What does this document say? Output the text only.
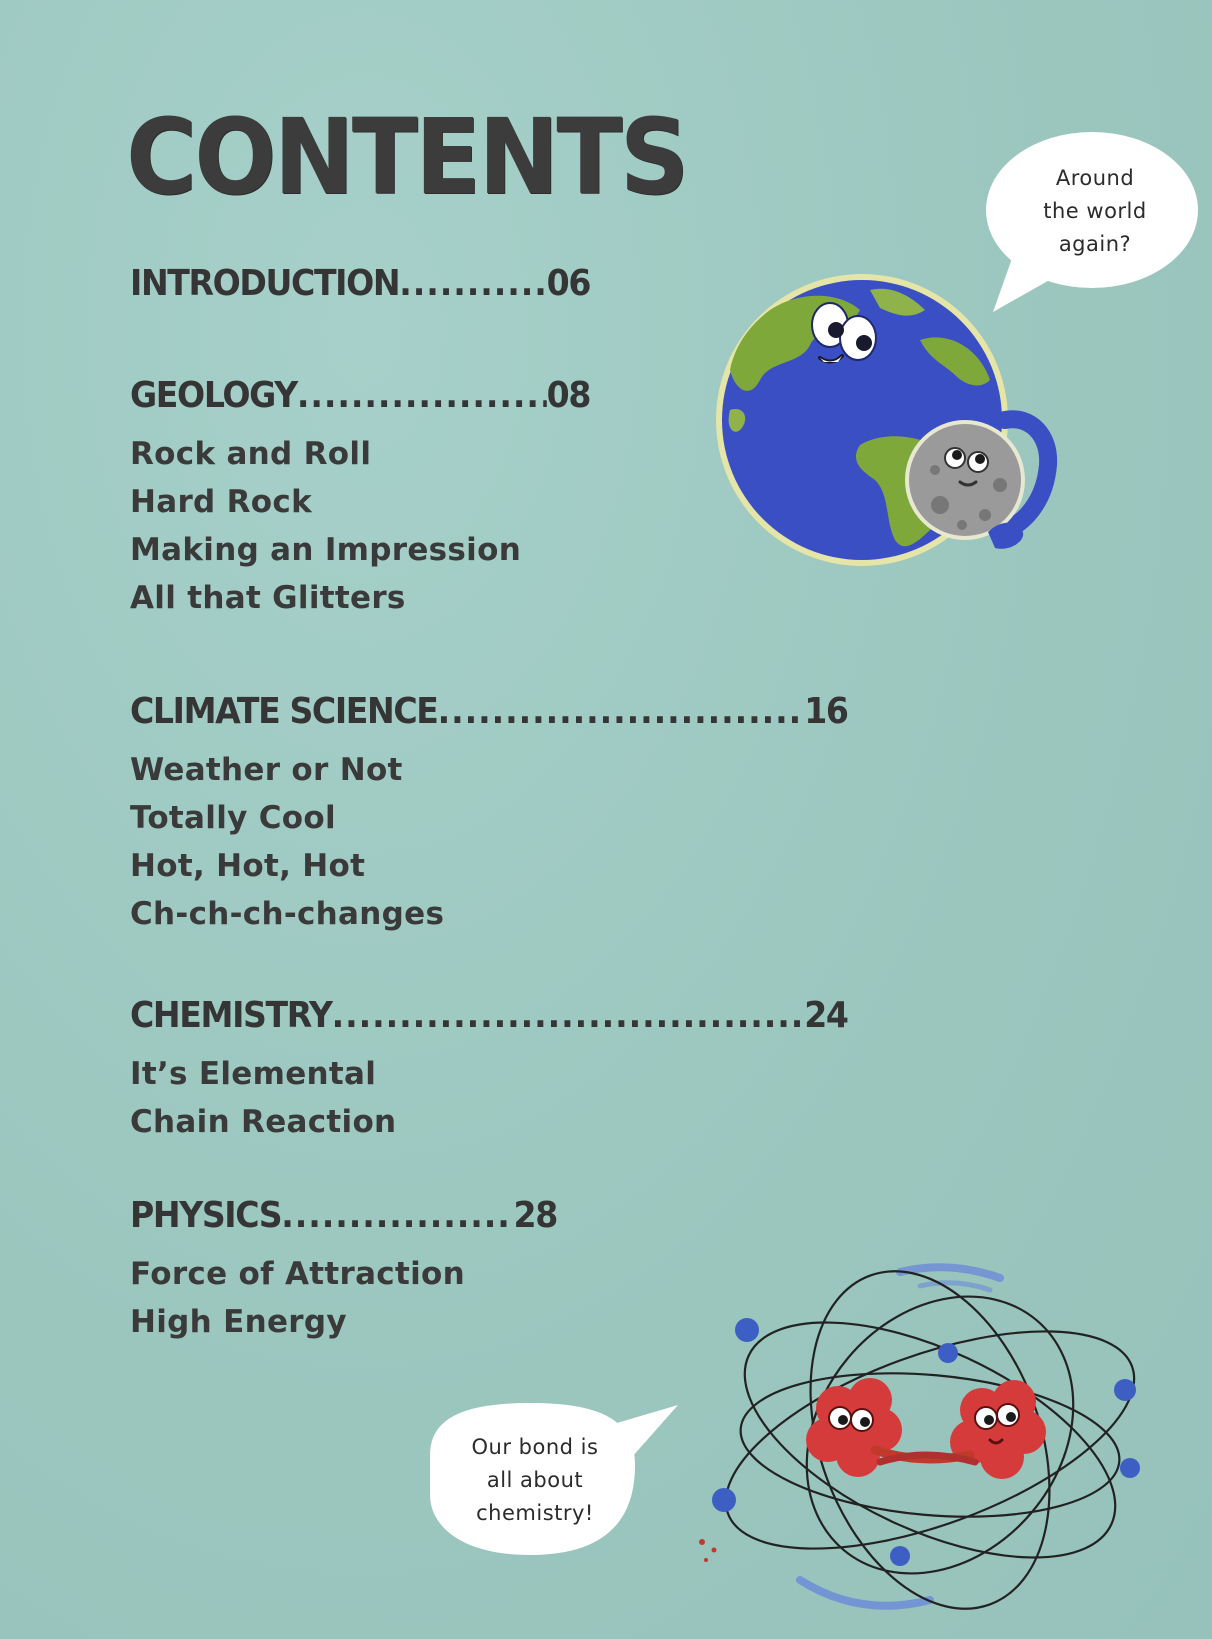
CONTENTS
INTRODUCTION .....	06
GEOLOGY .....	08
Rock and Roll
Hard Rock
Making an Impression
All that Glitters
CLIMATE SCIENCE .....	16
Weather or Not
Totally Cool
Hot, Hot, Hot
Ch-ch-ch-changes
CHEMISTRY .....	24
It’s Elemental
Chain Reaction
PHYSICS .....	28
Force of Attraction
High Energy
Around
the world
again?
Our bond is
all about
chemistry!
